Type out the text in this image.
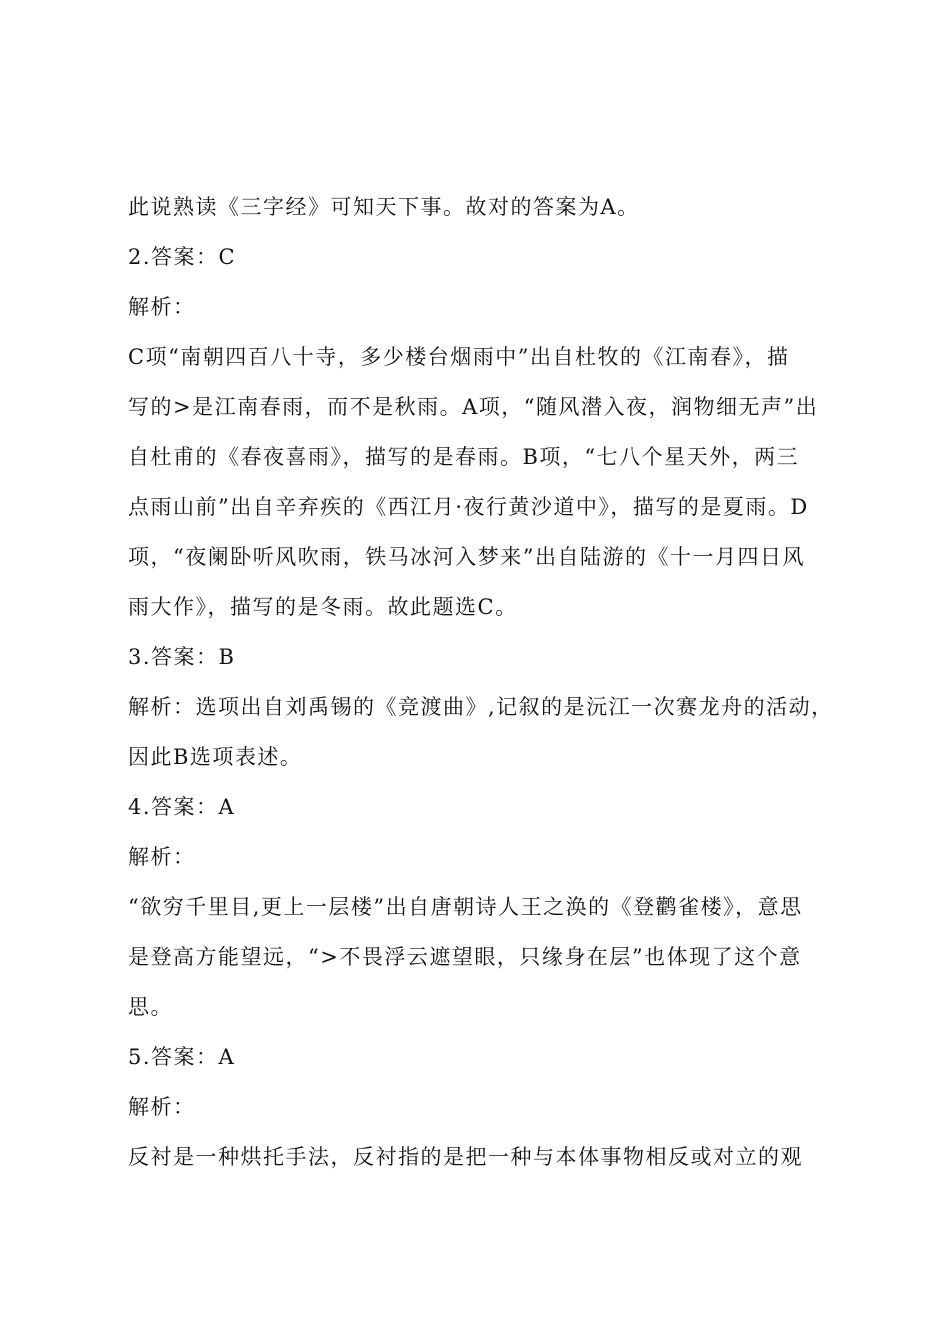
此说熟读《三字经》可知天下事。故对的答案为A。

2.答案：C

解析：

C项“南朝四百八十寺，多少楼台烟雨中”出自杜牧的《江南春》，描

写的>是江南春雨，而不是秋雨。A项，“随风潜入夜，润物细无声”出

自杜甫的《春夜喜雨》，描写的是春雨。B项，“七八个星天外，两三

点雨山前”出自辛弃疾的《西江月·夜行黄沙道中》，描写的是夏雨。D

项，“夜阑卧听风吹雨，铁马冰河入梦来”出自陆游的《十一月四日风

雨大作》，描写的是冬雨。故此题选C。

3.答案：B

解析：选项出自刘禹锡的《竞渡曲》,记叙的是沅江一次赛龙舟的活动，

因此B选项表述。

4.答案：A

解析：

“欲穷千里目,更上一层楼”出自唐朝诗人王之涣的《登鹳雀楼》，意思

是登高方能望远，“>不畏浮云遮望眼，只缘身在层”也体现了这个意

思。

5.答案：A

解析：

反衬是一种烘托手法，反衬指的是把一种与本体事物相反或对立的观
